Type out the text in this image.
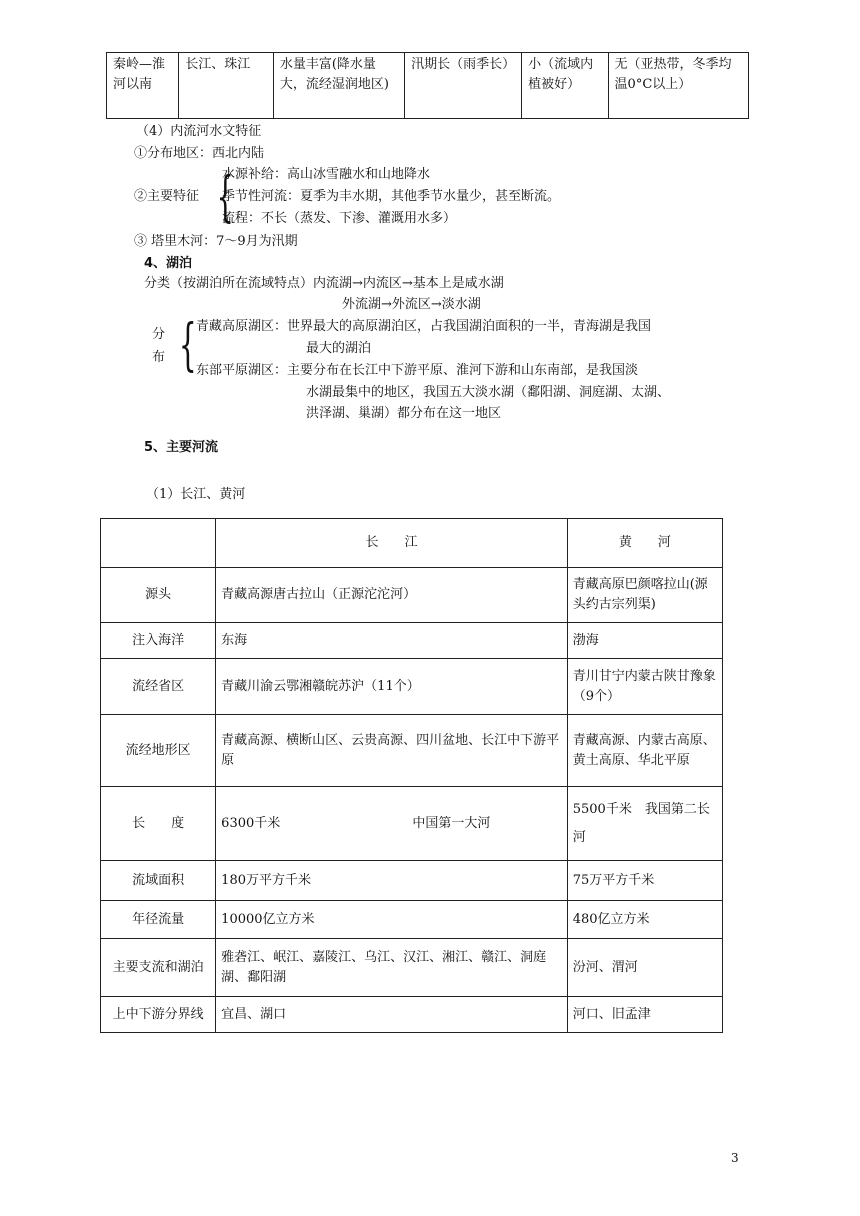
秦岭—淮河以南	长江、珠江	水量丰富(降水量大，流经湿润地区)	汛期长（雨季长）	小（流域内植被好）	无（亚热带，冬季均温0°C以上）
（4）内流河水文特征
①分布地区：西北内陆
②主要特征 {
水源补给：高山冰雪融水和山地降水
季节性河流：夏季为丰水期，其他季节水量少，甚至断流。
流程：不长（蒸发、下渗、灌溉用水多）
③ 塔里木河：7～9月为汛期
4、湖泊
分类（按湖泊所在流域特点）内流湖→内流区→基本上是咸水湖
外流湖→外流区→淡水湖
分
布 { 青藏高原湖区：世界最大的高原湖泊区，占我国湖泊面积的一半，青海湖是我国
最大的湖泊
东部平原湖区：主要分布在长江中下游平原、淮河下游和山东南部，是我国淡
水湖最集中的地区，我国五大淡水湖（鄱阳湖、洞庭湖、太湖、
洪泽湖、巢湖）都分布在这一地区
5、主要河流
（1）长江、黄河
	长　　江	黄　　河
源头	青藏高源唐古拉山（正源沱沱河）	青藏高原巴颜喀拉山(源头约古宗列渠)
注入海洋	东海	渤海
流经省区	青藏川渝云鄂湘赣皖苏沪（11个）	青川甘宁内蒙古陕甘豫象（9个）
流经地形区	青藏高源、横断山区、云贵高源、四川盆地、长江中下游平原	青藏高源、内蒙古高原、黄土高原、华北平原
长　　度	6300千米 中国第一大河	5500千米　我国第二长河
流域面积	180万平方千米	75万平方千米
年径流量	10000亿立方米	480亿立方米
主要支流和湖泊	雅砻江、岷江、嘉陵江、乌江、汉江、湘江、赣江、洞庭湖、鄱阳湖	汾河、渭河
上中下游分界线	宜昌、湖口	河口、旧孟津
3
